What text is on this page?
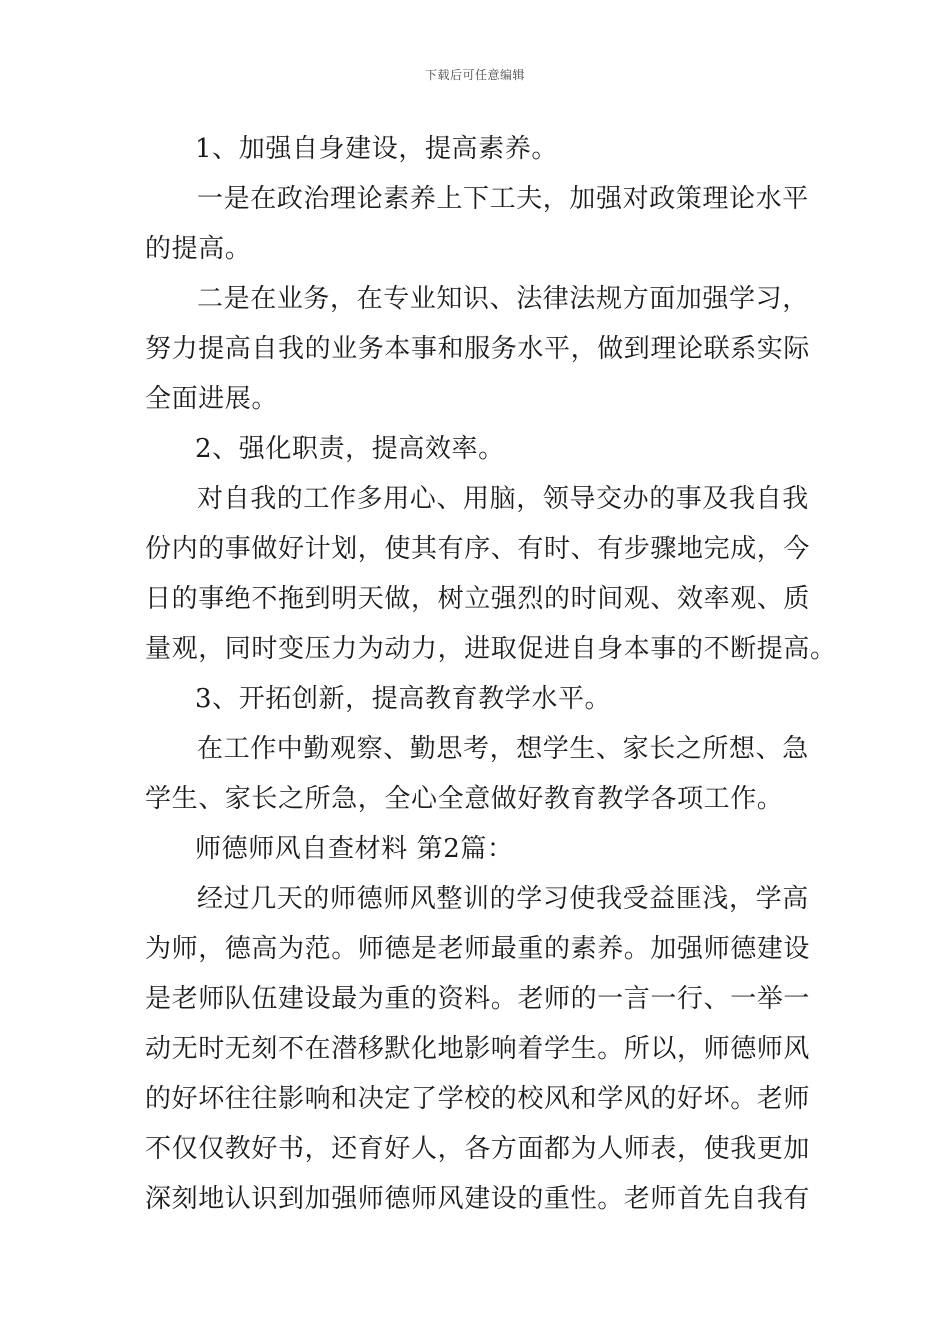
下载后可任意编辑
1、加强自身建设，提高素养。
一是在政治理论素养上下工夫，加强对政策理论水平
的提高。
二是在业务，在专业知识、法律法规方面加强学习，
努力提高自我的业务本事和服务水平，做到理论联系实际
全面进展。
2、强化职责，提高效率。
对自我的工作多用心、用脑，领导交办的事及我自我
份内的事做好计划，使其有序、有时、有步骤地完成，今
日的事绝不拖到明天做，树立强烈的时间观、效率观、质
量观，同时变压力为动力，进取促进自身本事的不断提高。
3、开拓创新，提高教育教学水平。
在工作中勤观察、勤思考，想学生、家长之所想、急
学生、家长之所急，全心全意做好教育教学各项工作。
师德师风自查材料 第2篇：
经过几天的师德师风整训的学习使我受益匪浅，学高
为师，德高为范。师德是老师最重的素养。加强师德建设
是老师队伍建设最为重的资料。老师的一言一行、一举一
动无时无刻不在潜移默化地影响着学生。所以，师德师风
的好坏往往影响和决定了学校的校风和学风的好坏。老师
不仅仅教好书，还育好人，各方面都为人师表，使我更加
深刻地认识到加强师德师风建设的重性。老师首先自我有
